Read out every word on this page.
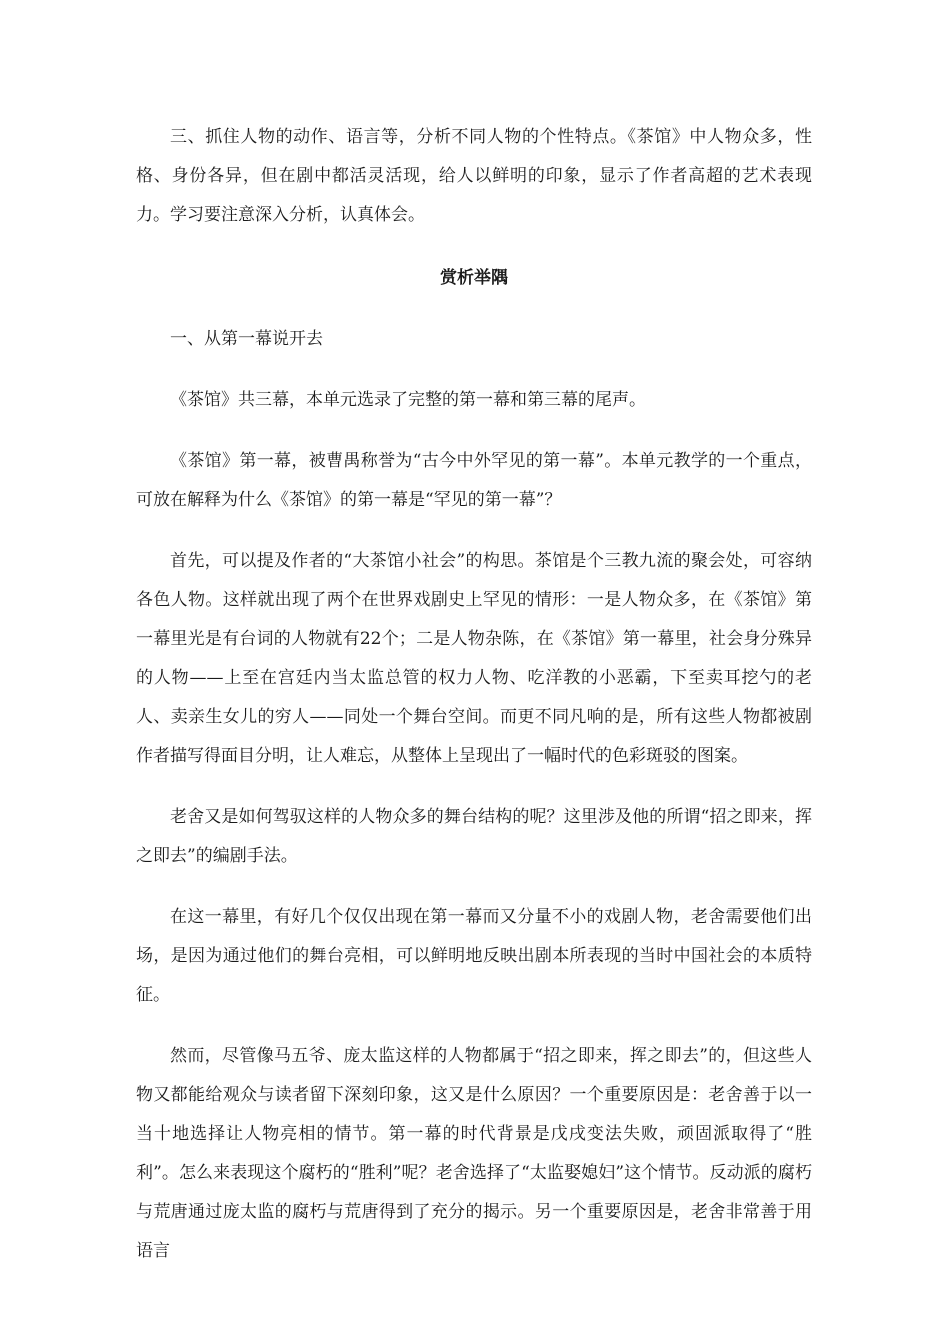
三、抓住人物的动作、语言等，分析不同人物的个性特点。《茶馆》中人物众多，性格、身份各异，但在剧中都活灵活现，给人以鲜明的印象，显示了作者高超的艺术表现力。学习要注意深入分析，认真体会。

赏析举隅

一、从第一幕说开去

《茶馆》共三幕，本单元选录了完整的第一幕和第三幕的尾声。

《茶馆》第一幕，被曹禺称誉为“古今中外罕见的第一幕”。本单元教学的一个重点，可放在解释为什么《茶馆》的第一幕是“罕见的第一幕”？

首先，可以提及作者的“大茶馆小社会”的构思。茶馆是个三教九流的聚会处，可容纳各色人物。这样就出现了两个在世界戏剧史上罕见的情形：一是人物众多，在《茶馆》第一幕里光是有台词的人物就有22个；二是人物杂陈，在《茶馆》第一幕里，社会身分殊异的人物——上至在宫廷内当太监总管的权力人物、吃洋教的小恶霸，下至卖耳挖勺的老人、卖亲生女儿的穷人——同处一个舞台空间。而更不同凡响的是，所有这些人物都被剧作者描写得面目分明，让人难忘，从整体上呈现出了一幅时代的色彩斑驳的图案。

老舍又是如何驾驭这样的人物众多的舞台结构的呢？这里涉及他的所谓“招之即来，挥之即去”的编剧手法。

在这一幕里，有好几个仅仅出现在第一幕而又分量不小的戏剧人物，老舍需要他们出场，是因为通过他们的舞台亮相，可以鲜明地反映出剧本所表现的当时中国社会的本质特征。

然而，尽管像马五爷、庞太监这样的人物都属于“招之即来，挥之即去”的，但这些人物又都能给观众与读者留下深刻印象，这又是什么原因？一个重要原因是：老舍善于以一当十地选择让人物亮相的情节。第一幕的时代背景是戊戌变法失败，顽固派取得了“胜利”。怎么来表现这个腐朽的“胜利”呢？老舍选择了“太监娶媳妇”这个情节。反动派的腐朽与荒唐通过庞太监的腐朽与荒唐得到了充分的揭示。另一个重要原因是，老舍非常善于用语言
